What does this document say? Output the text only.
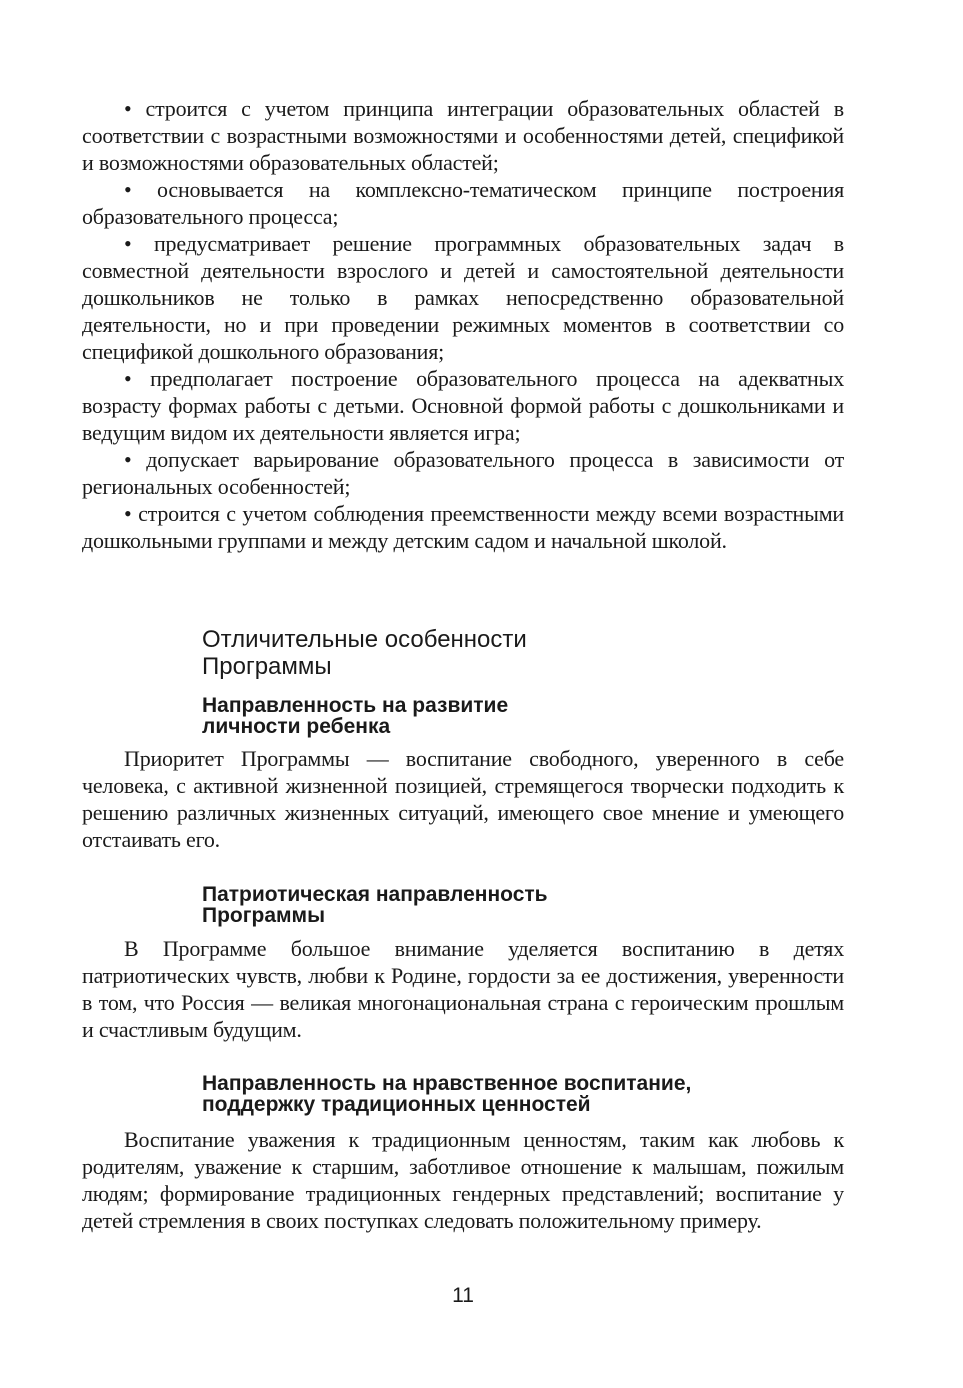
• строится с учетом принципа интеграции образовательных областей в соответствии с возрастными возможностями и особенностями детей, спецификой и возможностями образовательных областей;

• основывается на комплексно-тематическом принципе построения образовательного процесса;

• предусматривает решение программных образовательных задач в совместной деятельности взрослого и детей и самостоятельной деятельности дошкольников не только в рамках непосредственно образовательной деятельности, но и при проведении режимных моментов в соответствии со спецификой дошкольного образования;

• предполагает построение образовательного процесса на адекватных возрасту формах работы с детьми. Основной формой работы с дошкольниками и ведущим видом их деятельности является игра;

• допускает варьирование образовательного процесса в зависимости от региональных особенностей;

• строится с учетом соблюдения преемственности между всеми возрастными дошкольными группами и между детским садом и начальной школой.

Отличительные особенности
Программы
Направленность на развитие
личности ребенка

Приоритет Программы — воспитание свободного, уверенного в себе человека, с активной жизненной позицией, стремящегося творчески подходить к решению различных жизненных ситуаций, имеющего свое мнение и умеющего отстаивать его.

Патриотическая направленность
Программы

В Программе большое внимание уделяется воспитанию в детях патриотических чувств, любви к Родине, гордости за ее достижения, уверенности в том, что Россия — великая многонациональная страна с героическим прошлым и счастливым будущим.

Направленность на нравственное воспитание,
поддержку традиционных ценностей

Воспитание уважения к традиционным ценностям, таким как любовь к родителям, уважение к старшим, заботливое отношение к малышам, пожилым людям; формирование традиционных гендерных представлений; воспитание у детей стремления в своих поступках следовать положительному примеру.

11
